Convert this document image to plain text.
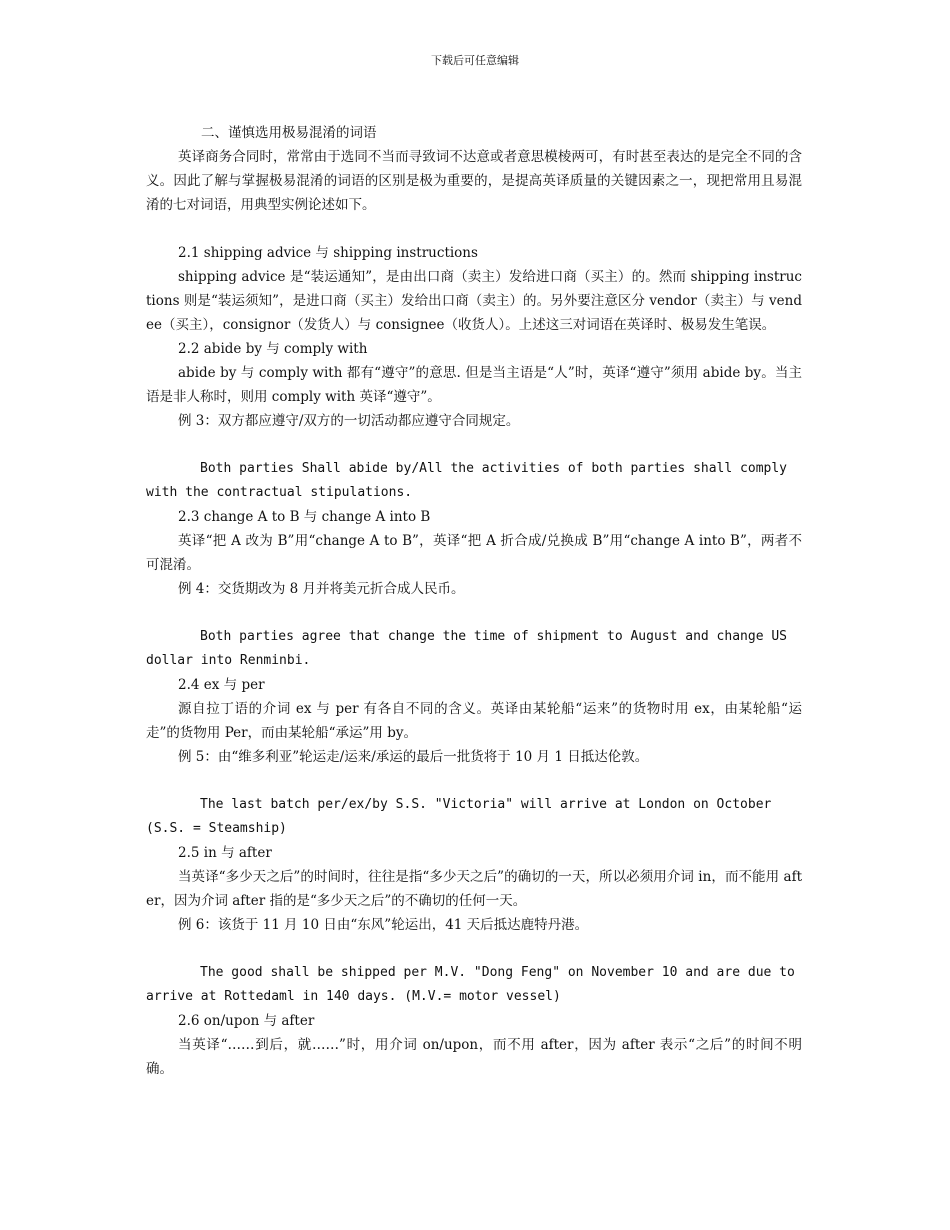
下载后可任意编辑

二、谨慎选用极易混淆的词语

英译商务合同时，常常由于选同不当而寻致词不达意或者意思模棱两可，有时甚至表达的是完全不同的含义。因此了解与掌握极易混淆的词语的区别是极为重要的，是提高英译质量的关键因素之一，现把常用且易混淆的七对词语，用典型实例论述如下。

2.1 shipping advice 与 shipping instructions

shipping advice 是“装运通知”，是由出口商（卖主）发给进口商（买主）的。然而 shipping instructions 则是“装运须知”，是进口商（买主）发给出口商（卖主）的。另外要注意区分 vendor（卖主）与 vendee（买主），consignor（发货人）与 consignee（收货人）。上述这三对词语在英译时、极易发生笔误。

2.2 abide by 与 comply with

abide by 与 comply with 都有“遵守”的意思. 但是当主语是“人”时，英译“遵守”须用 abide by。当主语是非人称时，则用 comply with 英译“遵守”。

例 3：双方都应遵守/双方的一切活动都应遵守合同规定。

Both parties Shall abide by/All the activities of both parties shall comply with the contractual stipulations.

2.3 change A to B 与 change A into B

英译“把 A 改为 B”用“change A to B”，英译“把 A 折合成/兑换成 B”用“change A into B”，两者不可混淆。

例 4：交货期改为 8 月并将美元折合成人民币。

Both parties agree that change the time of shipment to August and change US dollar into Renminbi.

2.4 ex 与 per

源自拉丁语的介词 ex 与 per 有各自不同的含义。英译由某轮船“运来”的货物时用 ex，由某轮船“运走”的货物用 Per，而由某轮船“承运”用 by。

例 5：由“维多利亚”轮运走/运来/承运的最后一批货将于 10 月 1 日抵达伦敦。

The last batch per/ex/by S.S. "Victoria" will arrive at London on October (S.S. = Steamship)

2.5 in 与 after

当英译“多少天之后”的时间时，往往是指“多少天之后”的确切的一天，所以必须用介词 in，而不能用 after，因为介词 after 指的是“多少天之后”的不确切的任何一天。

例 6：该货于 11 月 10 日由“东风”轮运出，41 天后抵达鹿特丹港。

The good shall be shipped per M.V. "Dong Feng" on November 10 and are due to arrive at Rottedaml in 140 days. (M.V.= motor vessel)

2.6 on/upon 与 after

当英译“……到后，就……”时，用介词 on/upon，而不用 after，因为 after 表示“之后”的时间不明确。
